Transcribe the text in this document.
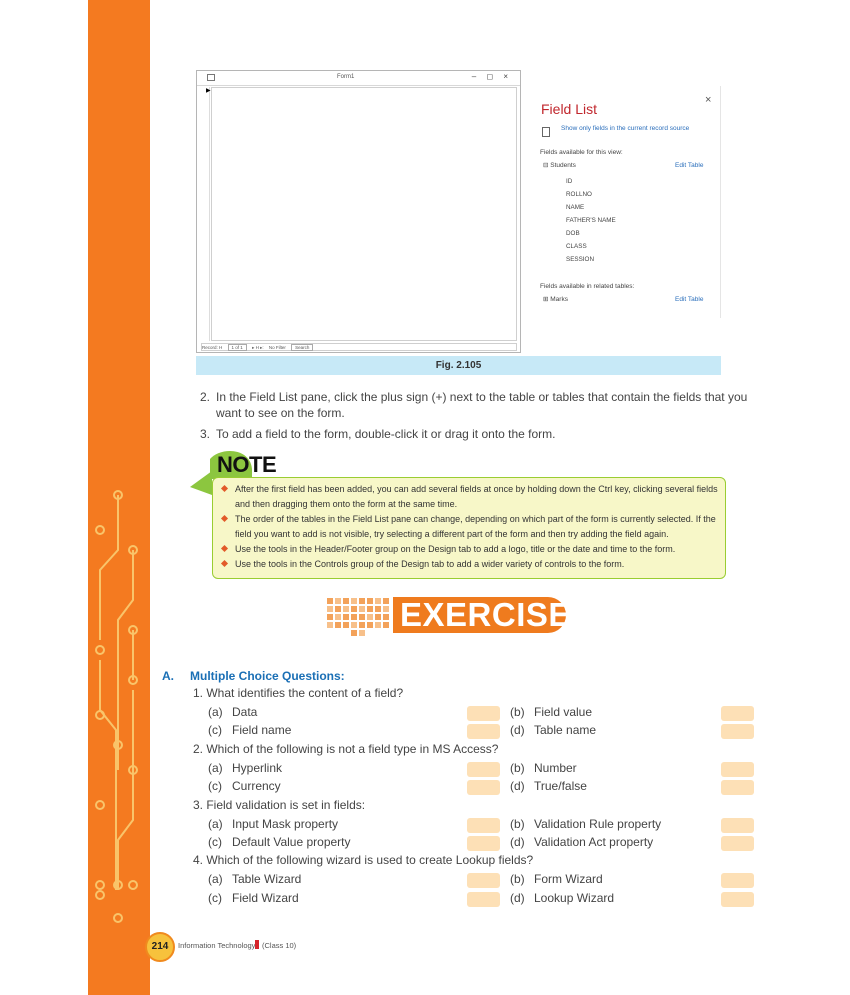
Form1	– ◻ ×
▶
Record: H 1 of 1 ▸ H ▸: No Filter Search
×
Field List
Show only fields in the current record source
Fields available for this view:
⊟ Students	Edit Table
ID
ROLLNO
NAME
FATHER'S NAME
DOB
CLASS
SESSION
Fields available in related tables:
⊞ Marks	Edit Table
Fig. 2.105
2. In the Field List pane, click the plus sign (+) next to the table or tables that contain the fields that you want to see on the form.
3. To add a field to the form, double-click it or drag it onto the form.
NOTE
After the first field has been added, you can add several fields at once by holding down the Ctrl key, clicking several fields and then dragging them onto the form at the same time.
The order of the tables in the Field List pane can change, depending on which part of the form is currently selected. If the field you want to add is not visible, try selecting a different part of the form and then try adding the field again.
Use the tools in the Header/Footer group on the Design tab to add a logo, title or the date and time to the form.
Use the tools in the Controls group of the Design tab to add a wider variety of controls to the form.
EXERCISE
A. Multiple Choice Questions:
1. What identifies the content of a field?
(a) Data	(b) Field value
(c) Field name	(d) Table name
2. Which of the following is not a field type in MS Access?
(a) Hyperlink	(b) Number
(c) Currency	(d) True/false
3. Field validation is set in fields:
(a) Input Mask property	(b) Validation Rule property
(c) Default Value property	(d) Validation Act property
4. Which of the following wizard is used to create Lookup fields?
(a) Table Wizard	(b) Form Wizard
(c) Field Wizard	(d) Lookup Wizard
214	Information Technology (Class 10)
